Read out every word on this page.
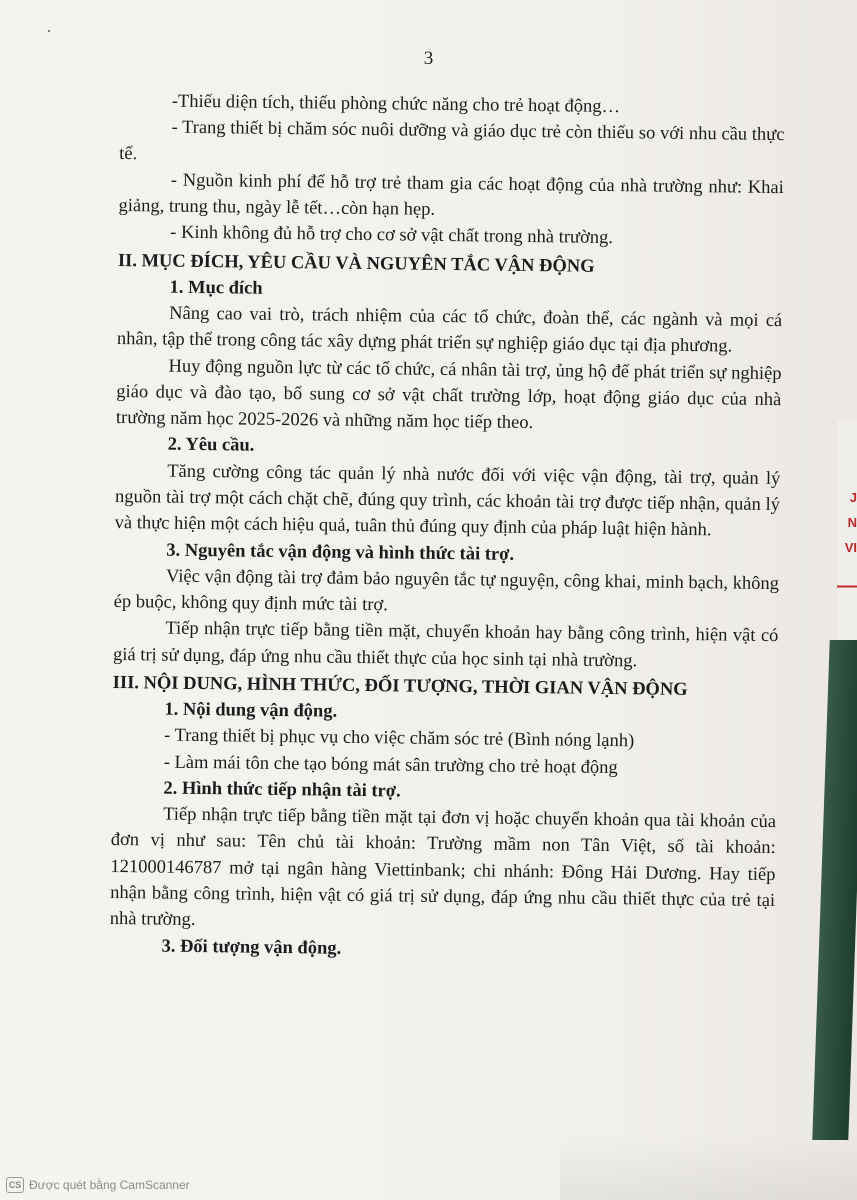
3

-Thiếu diện tích, thiếu phòng chức năng cho trẻ hoạt động…

- Trang thiết bị chăm sóc nuôi dưỡng và giáo dục trẻ còn thiếu so với nhu cầu thực tế.

- Nguồn kinh phí để hỗ trợ trẻ tham gia các hoạt động của nhà trường như: Khai giảng, trung thu, ngày lễ tết…còn hạn hẹp.

- Kinh không đủ hỗ trợ cho cơ sở vật chất trong nhà trường.

II. MỤC ĐÍCH, YÊU CẦU VÀ NGUYÊN TẮC VẬN ĐỘNG
1. Mục đích

Nâng cao vai trò, trách nhiệm của các tổ chức, đoàn thể, các ngành và mọi cá nhân, tập thể trong công tác xây dựng phát triển sự nghiệp giáo dục tại địa phương.

Huy động nguồn lực từ các tổ chức, cá nhân tài trợ, ủng hộ để phát triển sự nghiệp giáo dục và đào tạo, bổ sung cơ sở vật chất trường lớp, hoạt động giáo dục của nhà trường năm học 2025-2026 và những năm học tiếp theo.

2. Yêu cầu.

Tăng cường công tác quản lý nhà nước đối với việc vận động, tài trợ, quản lý nguồn tài trợ một cách chặt chẽ, đúng quy trình, các khoản tài trợ được tiếp nhận, quản lý và thực hiện một cách hiệu quả, tuân thủ đúng quy định của pháp luật hiện hành.

3. Nguyên tắc vận động và hình thức tài trợ.

Việc vận động tài trợ đảm bảo nguyên tắc tự nguyện, công khai, minh bạch, không ép buộc, không quy định mức tài trợ.

Tiếp nhận trực tiếp bằng tiền mặt, chuyển khoản hay bằng công trình, hiện vật có giá trị sử dụng, đáp ứng nhu cầu thiết thực của học sinh tại nhà trường.

III. NỘI DUNG, HÌNH THỨC, ĐỐI TƯỢNG, THỜI GIAN VẬN ĐỘNG
1. Nội dung vận động.

- Trang thiết bị phục vụ cho việc chăm sóc trẻ (Bình nóng lạnh)

- Làm mái tôn che tạo bóng mát sân trường cho trẻ hoạt động

2. Hình thức tiếp nhận tài trợ.

Tiếp nhận trực tiếp bằng tiền mặt tại đơn vị hoặc chuyển khoản qua tài khoản của đơn vị như sau: Tên chủ tài khoản: Trường mầm non Tân Việt, số tài khoản: 121000146787 mở tại ngân hàng Viettinbank; chi nhánh: Đông Hải Dương. Hay tiếp nhận bằng công trình, hiện vật có giá trị sử dụng, đáp ứng nhu cầu thiết thực của trẻ tại nhà trường.

3. Đối tượng vận động.
J
N
VI
—
CS Được quét bằng CamScanner
